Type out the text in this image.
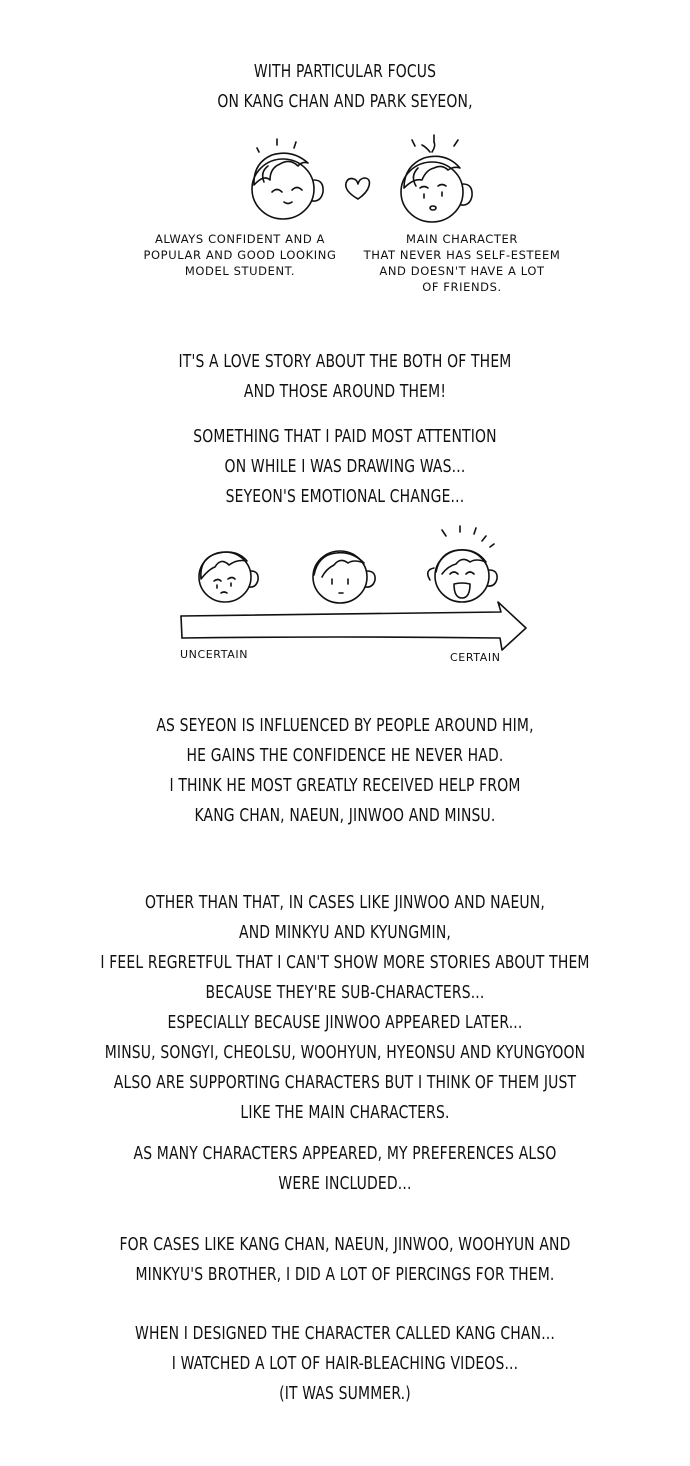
WITH PARTICULAR FOCUS
ON KANG CHAN AND PARK SEYEON,
ALWAYS CONFIDENT AND A
POPULAR AND GOOD LOOKING
MODEL STUDENT.
MAIN CHARACTER
THAT NEVER HAS SELF-ESTEEM
AND DOESN'T HAVE A LOT
OF FRIENDS.
IT'S A LOVE STORY ABOUT THE BOTH OF THEM
AND THOSE AROUND THEM!
SOMETHING THAT I PAID MOST ATTENTION
ON WHILE I WAS DRAWING WAS...
SEYEON'S EMOTIONAL CHANGE...
UNCERTAIN	CERTAIN
AS SEYEON IS INFLUENCED BY PEOPLE AROUND HIM,
HE GAINS THE CONFIDENCE HE NEVER HAD.
I THINK HE MOST GREATLY RECEIVED HELP FROM
KANG CHAN, NAEUN, JINWOO AND MINSU.
OTHER THAN THAT, IN CASES LIKE JINWOO AND NAEUN,
AND MINKYU AND KYUNGMIN,
I FEEL REGRETFUL THAT I CAN'T SHOW MORE STORIES ABOUT THEM
BECAUSE THEY'RE SUB-CHARACTERS...
ESPECIALLY BECAUSE JINWOO APPEARED LATER...
MINSU, SONGYI, CHEOLSU, WOOHYUN, HYEONSU AND KYUNGYOON
ALSO ARE SUPPORTING CHARACTERS BUT I THINK OF THEM JUST
LIKE THE MAIN CHARACTERS.
AS MANY CHARACTERS APPEARED, MY PREFERENCES ALSO
WERE INCLUDED...
FOR CASES LIKE KANG CHAN, NAEUN, JINWOO, WOOHYUN AND
MINKYU'S BROTHER, I DID A LOT OF PIERCINGS FOR THEM.
WHEN I DESIGNED THE CHARACTER CALLED KANG CHAN...
I WATCHED A LOT OF HAIR-BLEACHING VIDEOS...
(IT WAS SUMMER.)
